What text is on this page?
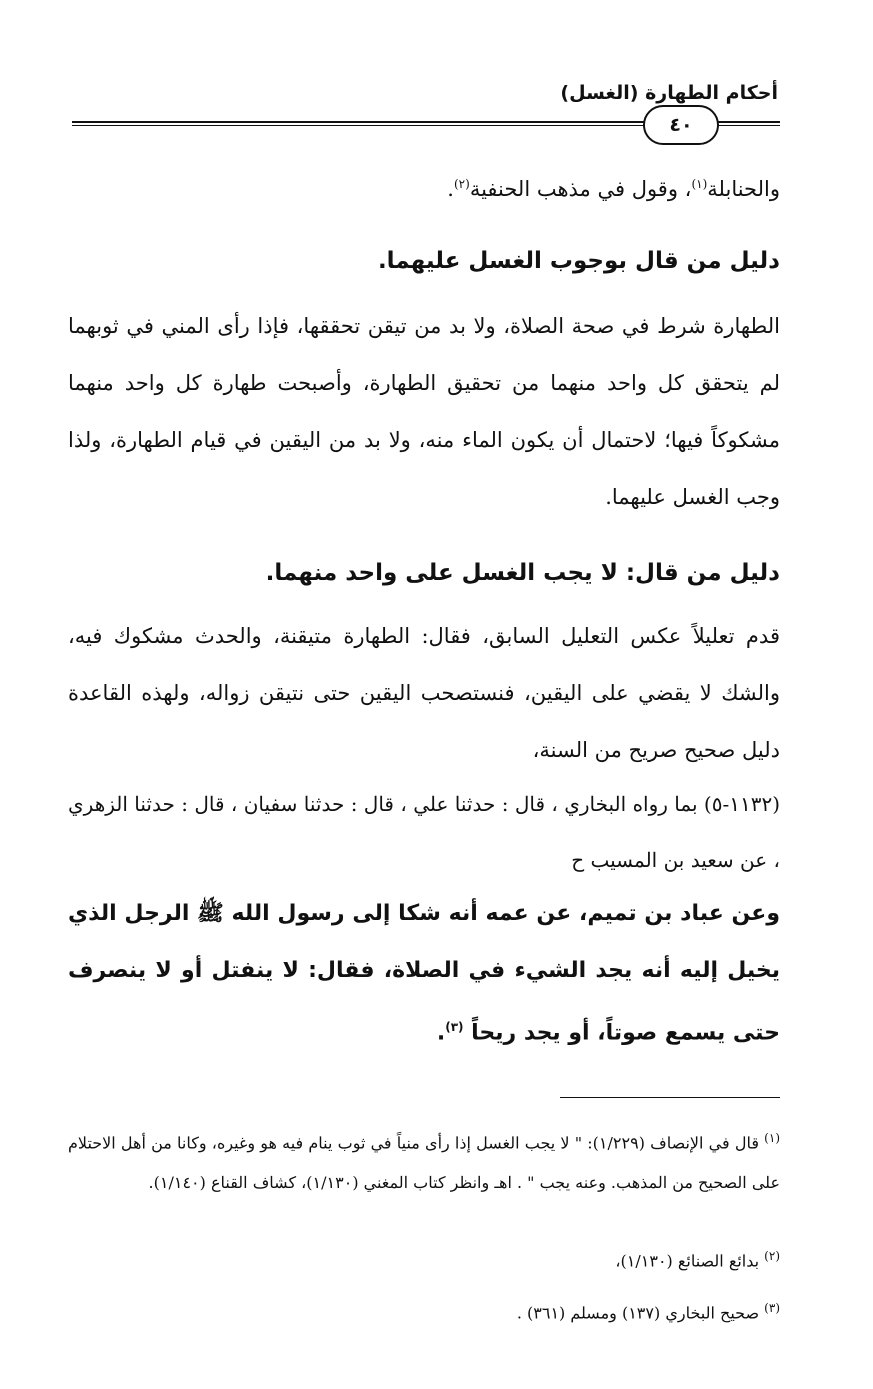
أحكام الطهارة (الغسل)
٤٠
والحنابلة$^{(١)}$، وقول في مذهب الحنفية$^{(٢)}$.
دليل من قال بوجوب الغسل عليهما.
الطهارة شرط في صحة الصلاة، ولا بد من تيقن تحققها، فإذا رأى المني في ثوبهما لم يتحقق كل واحد منهما من تحقيق الطهارة، وأصبحت طهارة كل واحد منهما مشكوكاً فيها؛ لاحتمال أن يكون الماء منه، ولا بد من اليقين في قيام الطهارة، ولذا وجب الغسل عليهما.
دليل من قال: لا يجب الغسل على واحد منهما.
قدم تعليلاً عكس التعليل السابق، فقال: الطهارة متيقنة، والحدث مشكوك فيه، والشك لا يقضي على اليقين، فنستصحب اليقين حتى نتيقن زواله، ولهذه القاعدة دليل صحيح صريح من السنة،
(١١٣٢-٥) بما رواه البخاري ، قال : حدثنا علي ، قال : حدثنا سفيان ، قال : حدثنا الزهري ، عن سعيد بن المسيب ح
وعن عباد بن تميم، عن عمه أنه شكا إلى رسول الله ﷺ الرجل الذي يخيل إليه أنه يجد الشيء في الصلاة، فقال: لا ينفتل أو لا ينصرف حتى يسمع صوتاً، أو يجد ريحاً $^{(٣)}$.
$^{(١)}$ قال في الإنصاف (١/٢٢٩): " لا يجب الغسل إذا رأى منياً في ثوب ينام فيه هو وغيره، وكانا من أهل الاحتلام على الصحيح من المذهب. وعنه يجب " . اهـ وانظر كتاب المغني (١/١٣٠)، كشاف القناع (١/١٤٠).
$^{(٢)}$ بدائع الصنائع (١/١٣٠)،
$^{(٣)}$ صحيح البخاري (١٣٧) ومسلم (٣٦١) .
